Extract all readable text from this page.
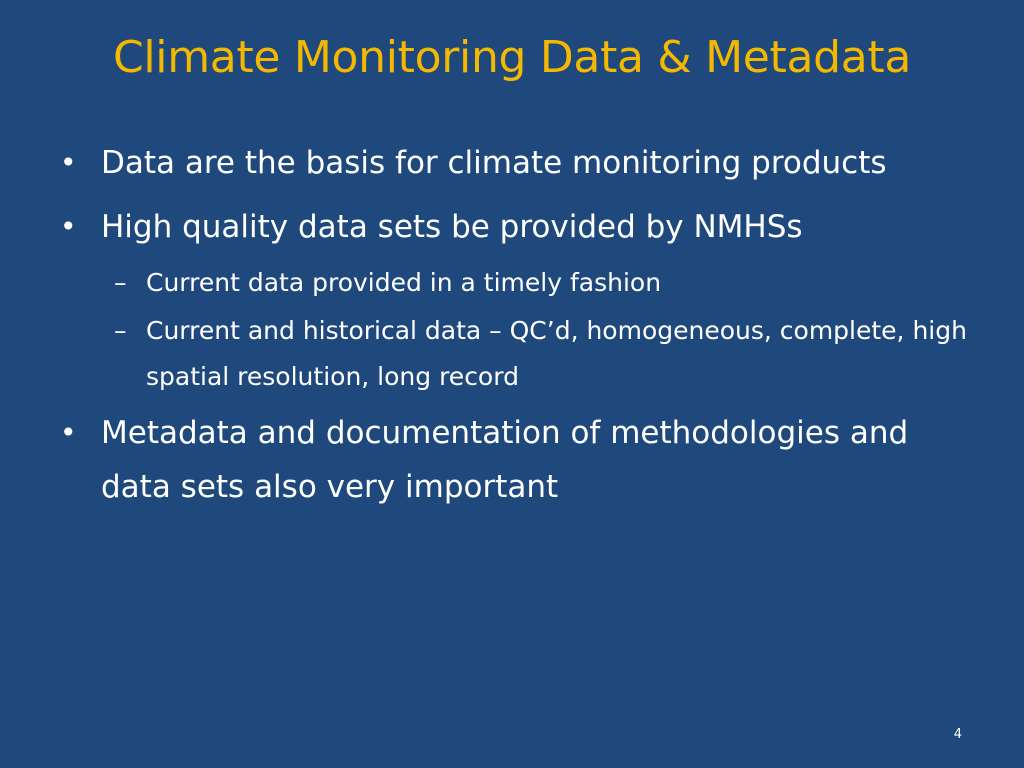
Climate Monitoring Data & Metadata
• Data are the basis for climate monitoring products
• High quality data sets be provided by NMHSs
– Current data provided in a timely fashion
– Current and historical data – QC’d, homogeneous, complete, high spatial resolution, long record
• Metadata and documentation of methodologies and data sets also very important
4
